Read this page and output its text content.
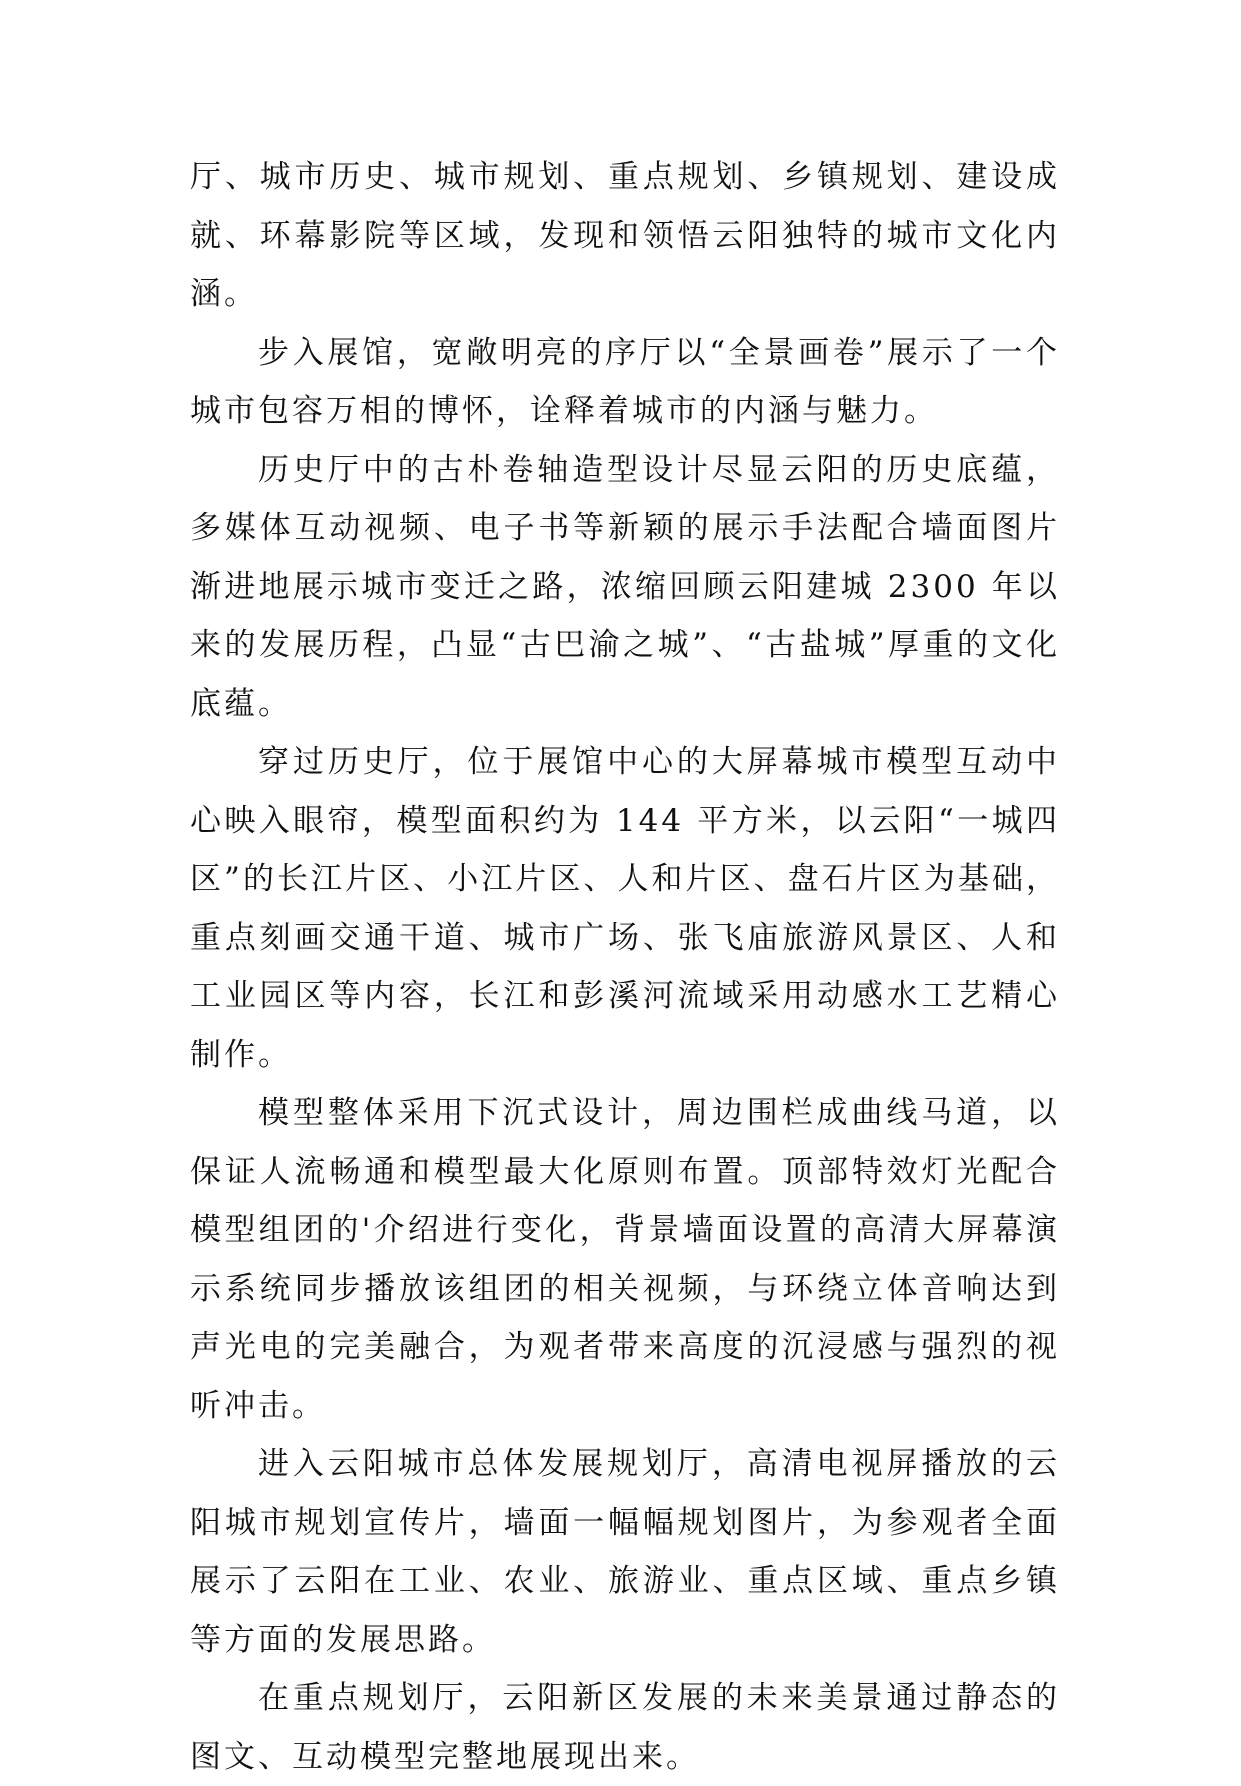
厅、城市历史、城市规划、重点规划、乡镇规划、建设成就、环幕影院等区域，发现和领悟云阳独特的城市文化内涵。

步入展馆，宽敞明亮的序厅以“全景画卷”展示了一个城市包容万相的博怀，诠释着城市的内涵与魅力。

历史厅中的古朴卷轴造型设计尽显云阳的历史底蕴，多媒体互动视频、电子书等新颖的展示手法配合墙面图片渐进地展示城市变迁之路，浓缩回顾云阳建城 2300 年以来的发展历程，凸显“古巴渝之城”、“古盐城”厚重的文化底蕴。

穿过历史厅，位于展馆中心的大屏幕城市模型互动中心映入眼帘，模型面积约为 144 平方米，以云阳“一城四区”的长江片区、小江片区、人和片区、盘石片区为基础，重点刻画交通干道、城市广场、张飞庙旅游风景区、人和工业园区等内容，长江和彭溪河流域采用动感水工艺精心制作。

模型整体采用下沉式设计，周边围栏成曲线马道，以保证人流畅通和模型最大化原则布置。顶部特效灯光配合模型组团的'介绍进行变化，背景墙面设置的高清大屏幕演示系统同步播放该组团的相关视频，与环绕立体音响达到声光电的完美融合，为观者带来高度的沉浸感与强烈的视听冲击。

进入云阳城市总体发展规划厅，高清电视屏播放的云阳城市规划宣传片，墙面一幅幅规划图片，为参观者全面展示了云阳在工业、农业、旅游业、重点区域、重点乡镇等方面的发展思路。

在重点规划厅，云阳新区发展的未来美景通过静态的图文、互动模型完整地展现出来。
